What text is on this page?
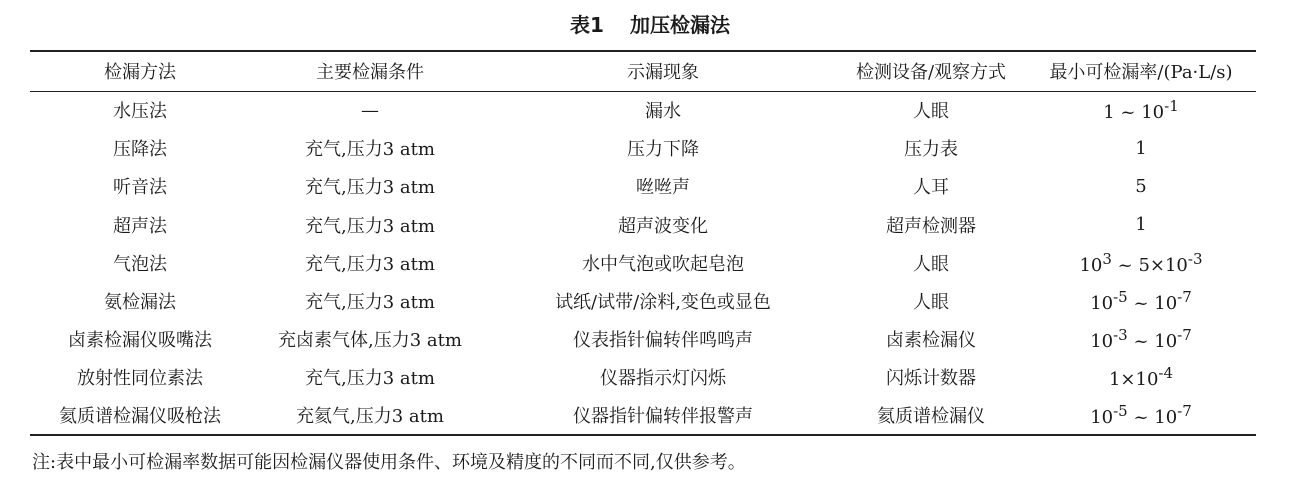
表1 加压检漏法
检漏方法	主要检漏条件	示漏现象	检测设备/观察方式	最小可检漏率/(Pa·L/s)
水压法	—	漏水	人眼	1 ~ $10^{-1}$
压降法	充气,压力3 atm	压力下降	压力表	1
听音法	充气,压力3 atm	咝咝声	人耳	5
超声法	充气,压力3 atm	超声波变化	超声检测器	1
气泡法	充气,压力3 atm	水中气泡或吹起皂泡	人眼	$10^3$ ~ $5\times 10^{-3}$
氨检漏法	充气,压力3 atm	试纸/试带/涂料,变色或显色	人眼	$10^{-5}$ ~ $10^{-7}$
卤素检漏仪吸嘴法	充卤素气体,压力3 atm	仪表指针偏转伴鸣鸣声	卤素检漏仪	$10^{-3}$ ~ $10^{-7}$
放射性同位素法	充气,压力3 atm	仪器指示灯闪烁	闪烁计数器	$1\times 10^{-4}$
氦质谱检漏仪吸枪法	充氦气,压力3 atm	仪器指针偏转伴报警声	氦质谱检漏仪	$10^{-5}$ ~ $10^{-7}$
注:表中最小可检漏率数据可能因检漏仪器使用条件、环境及精度的不同而不同,仅供参考。
